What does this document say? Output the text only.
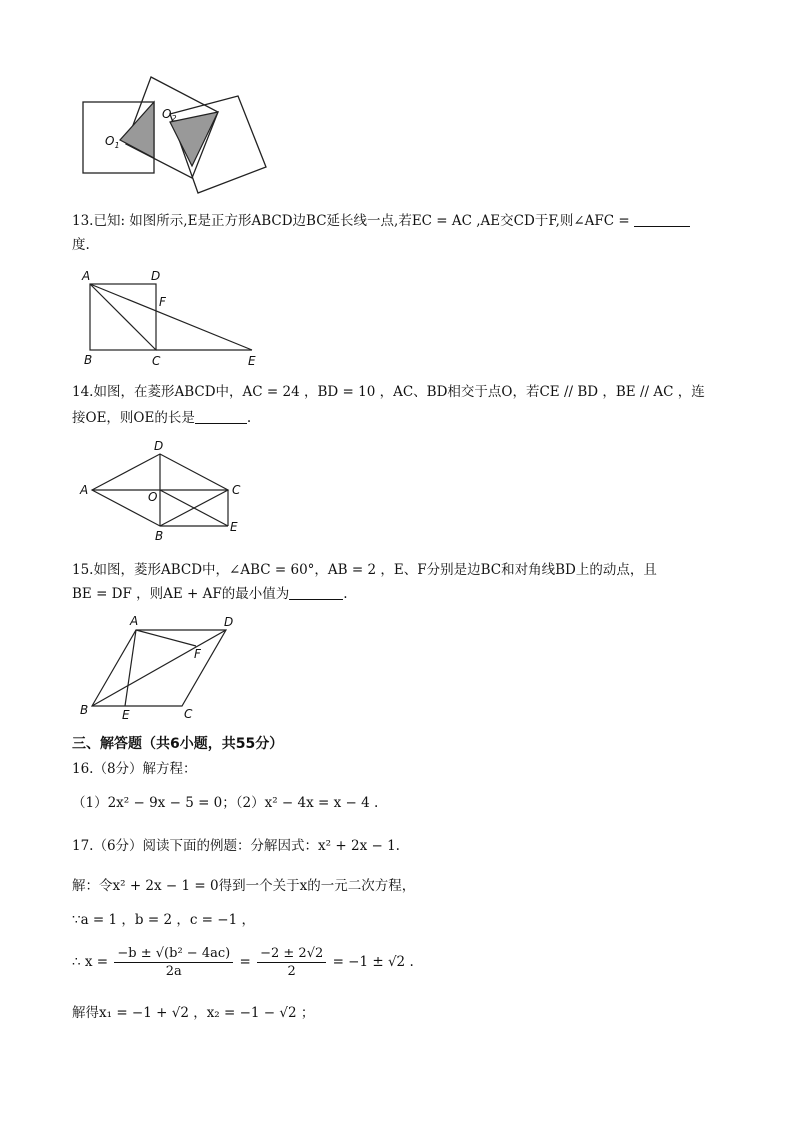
$O_1$
$O_2$
13.已知: 如图所示,E是正方形ABCD边BC延长线一点,若EC = AC ,AE交CD于F,则∠AFC =
度.
A	D
F
B	C	E
14.如图，在菱形ABCD中，AC = 24 ，BD = 10 ，AC、BD相交于点O，若CE // BD ，BE // AC ，连
接OE，则OE的长是	.
A
D
O	C
B
E
15.如图，菱形ABCD中，∠ABC = 60°，AB = 2 ，E、F分别是边BC和对角线BD上的动点，且
BE = DF ，则AE + AF的最小值为	.
A	D
F
B	E	C
三、解答题（共6小题，共55分）
16.（8分）解方程：
（1）2x² − 9x − 5 = 0；（2）x² − 4x = x − 4 .
17.（6分）阅读下面的例题：分解因式：x² + 2x − 1.
解：令x² + 2x − 1 = 0得到一个关于x的一元二次方程，
∵a = 1 ，b = 2 ，c = −1 ，
∴ $x = \frac{\text{−b ± √(b² − 4ac)}}{2a} = \frac{-2 \pm 2√2}{2} = -1 \pm √2$ .
解得x₁ = −1 + √2 ，x₂ = −1 − √2 ；
